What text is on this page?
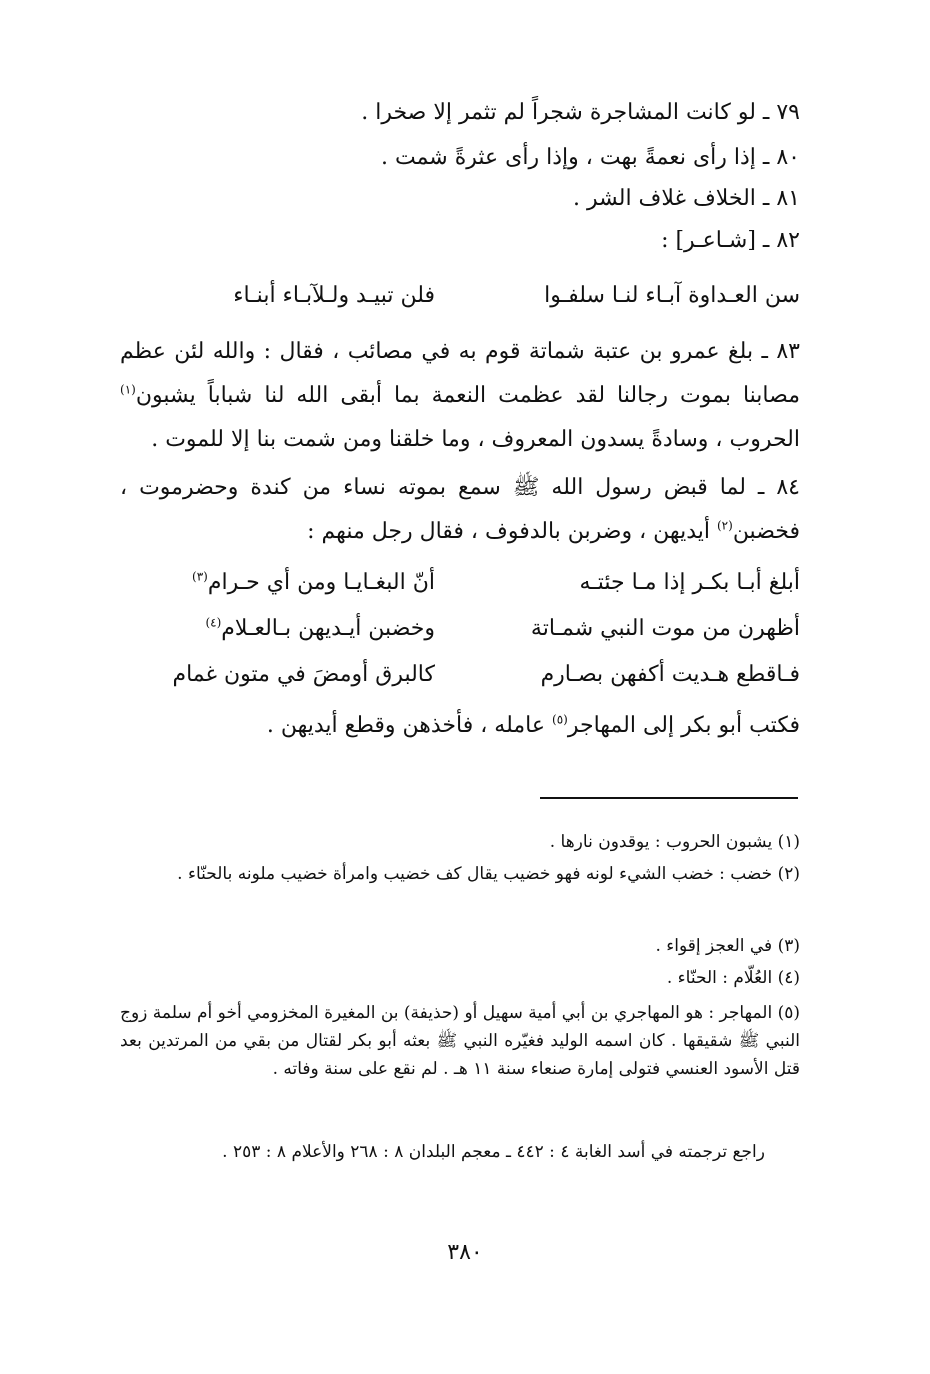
٧٩ ـ لو كانت المشاجرة شجراً لم تثمر إلا صخرا .
٨٠ ـ إذا رأى نعمةً بهت ، وإذا رأى عثرةً شمت .
٨١ ـ الخلاف غلاف الشر .
٨٢ ـ [شـاعـر] :
سن العـداوة آبـاء لنـا سلفـوا
فلن تبيـد ولـلآبـاء أبنـاء
٨٣ ـ بلغ عمرو بن عتبة شماتة قوم به في مصائب ، فقال : والله لئن عظم مصابنا بموت رجالنا لقد عظمت النعمة بما أبقى الله لنا شباباً يشبون$^{(١)}$ الحروب ، وسادةً يسدون المعروف ، وما خلقنا ومن شمت بنا إلا للموت .
٨٤ ـ لما قبض رسول الله ﷺ سمع بموته نساء من كندة وحضرموت ، فخضبن$^{(٢)}$ أيديهن ، وضربن بالدفوف ، فقال رجل منهم :
أبلغ أبـا بكـر إذا مـا جئتـه
أنّ البغـايـا ومن أي حـرام$^{(٣)}$
أظهرن من موت النبي شمـاتة
وخضبن أيـديهن بـالعـلام$^{(٤)}$
فـاقطع هـديت أكفهن بصـارم
كالبرق أومضَ في متون غمام
فكتب أبو بكر إلى المهاجر$^{(٥)}$ عامله ، فأخذهن وقطع أيديهن .
(١) يشبون الحروب : يوقدون نارها .
(٢) خضب : خضب الشيء لونه فهو خضيب يقال كف خضيب وامرأة خضيب ملونه بالحنّاء .
(٣) في العجز إقواء .
(٤) العُلّام : الحنّاء .
(٥) المهاجر : هو المهاجري بن أبي أمية سهيل أو (حذيفة) بن المغيرة المخزومي أخو أم سلمة زوج النبي ﷺ شقيقها . كان اسمه الوليد فغيّره النبي ﷺ بعثه أبو بكر لقتال من بقي من المرتدين بعد قتل الأسود العنسي فتولى إمارة صنعاء سنة ١١ هـ . لم نقع على سنة وفاته .
راجع ترجمته في أسد الغابة ٤ : ٤٤٢ ـ معجم البلدان ٨ : ٢٦٨ والأعلام ٨ : ٢٥٣ .
٣٨٠
